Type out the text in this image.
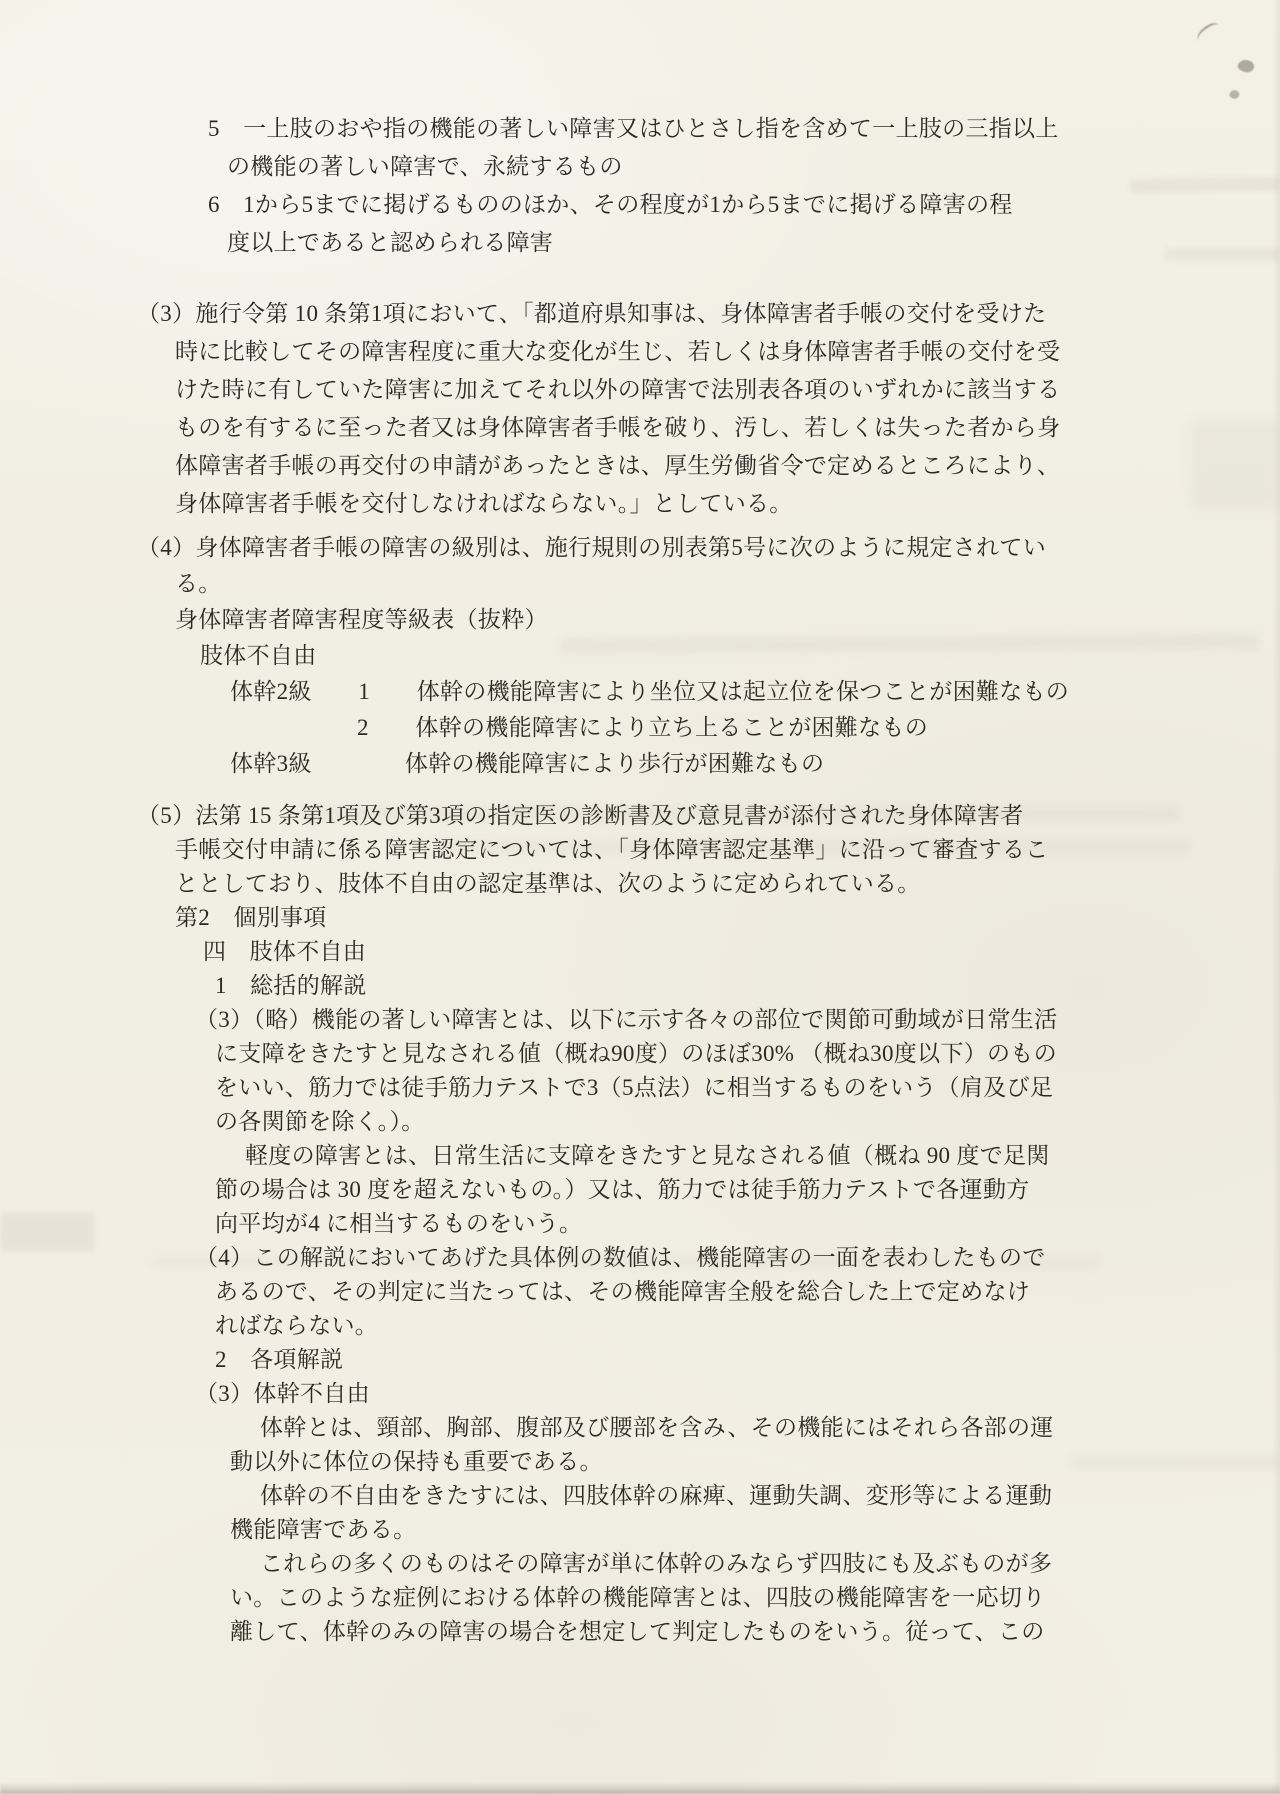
5　一上肢のおや指の機能の著しい障害又はひとさし指を含めて一上肢の三指以上
の機能の著しい障害で、永続するもの
6　1から5までに掲げるもののほか、その程度が1から5までに掲げる障害の程
度以上であると認められる障害
（3）施行令第 10 条第1項において、「都道府県知事は、身体障害者手帳の交付を受けた
時に比較してその障害程度に重大な変化が生じ、若しくは身体障害者手帳の交付を受
けた時に有していた障害に加えてそれ以外の障害で法別表各項のいずれかに該当する
ものを有するに至った者又は身体障害者手帳を破り、汚し、若しくは失った者から身
体障害者手帳の再交付の申請があったときは、厚生労働省令で定めるところにより、
身体障害者手帳を交付しなければならない。」としている。
（4）身体障害者手帳の障害の級別は、施行規則の別表第5号に次のように規定されてい
る。
身体障害者障害程度等級表（抜粋）
肢体不自由
体幹2級　　1　　体幹の機能障害により坐位又は起立位を保つことが困難なもの
2　　体幹の機能障害により立ち上ることが困難なもの
体幹3級　　　　体幹の機能障害により歩行が困難なもの
（5）法第 15 条第1項及び第3項の指定医の診断書及び意見書が添付された身体障害者
手帳交付申請に係る障害認定については、「身体障害認定基準」に沿って審査するこ
ととしており、肢体不自由の認定基準は、次のように定められている。
第2　個別事項
四　肢体不自由
1　総括的解説
（3）（略）機能の著しい障害とは、以下に示す各々の部位で関節可動域が日常生活
に支障をきたすと見なされる値（概ね90度）のほぼ30% （概ね30度以下）のもの
をいい、筋力では徒手筋力テストで3（5点法）に相当するものをいう（肩及び足
の各関節を除く。）。
軽度の障害とは、日常生活に支障をきたすと見なされる値（概ね 90 度で足関
節の場合は 30 度を超えないもの。）又は、筋力では徒手筋力テストで各運動方
向平均が4 に相当するものをいう。
（4）この解説においてあげた具体例の数値は、機能障害の一面を表わしたもので
あるので、その判定に当たっては、その機能障害全般を総合した上で定めなけ
ればならない。
2　各項解説
（3）体幹不自由
体幹とは、頸部、胸部、腹部及び腰部を含み、その機能にはそれら各部の運
動以外に体位の保持も重要である。
体幹の不自由をきたすには、四肢体幹の麻痺、運動失調、変形等による運動
機能障害である。
これらの多くのものはその障害が単に体幹のみならず四肢にも及ぶものが多
い。このような症例における体幹の機能障害とは、四肢の機能障害を一応切り
離して、体幹のみの障害の場合を想定して判定したものをいう。従って、この
